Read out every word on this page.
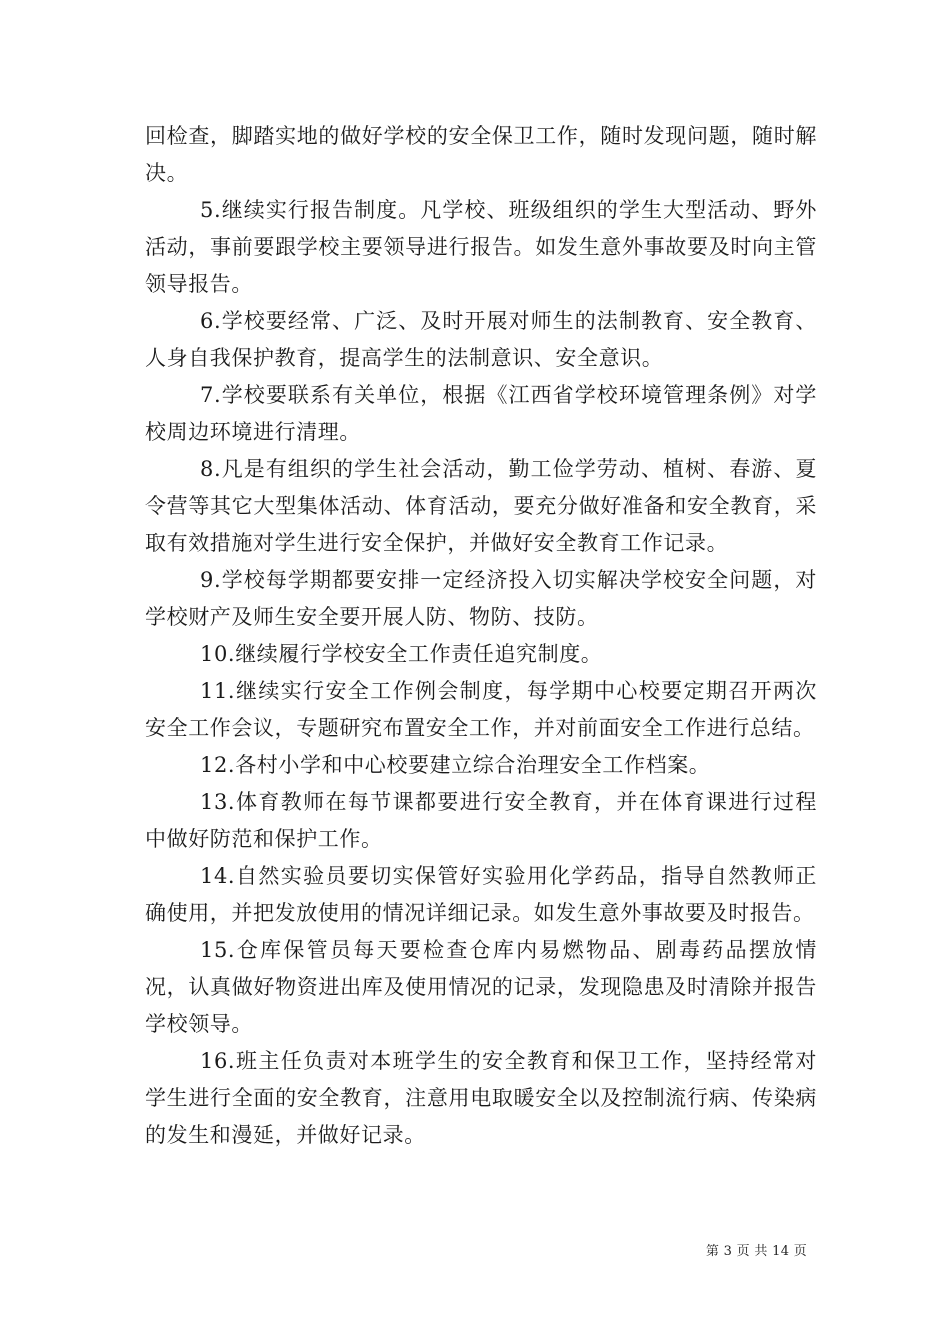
回检查，脚踏实地的做好学校的安全保卫工作，随时发现问题，随时解决。

5.继续实行报告制度。凡学校、班级组织的学生大型活动、野外活动，事前要跟学校主要领导进行报告。如发生意外事故要及时向主管领导报告。

6.学校要经常、广泛、及时开展对师生的法制教育、安全教育、人身自我保护教育，提高学生的法制意识、安全意识。

7.学校要联系有关单位，根据《江西省学校环境管理条例》对学校周边环境进行清理。

8.凡是有组织的学生社会活动，勤工俭学劳动、植树、春游、夏令营等其它大型集体活动、体育活动，要充分做好准备和安全教育，采取有效措施对学生进行安全保护，并做好安全教育工作记录。

9.学校每学期都要安排一定经济投入切实解决学校安全问题，对学校财产及师生安全要开展人防、物防、技防。

10.继续履行学校安全工作责任追究制度。

11.继续实行安全工作例会制度，每学期中心校要定期召开两次安全工作会议，专题研究布置安全工作，并对前面安全工作进行总结。

12.各村小学和中心校要建立综合治理安全工作档案。

13.体育教师在每节课都要进行安全教育，并在体育课进行过程中做好防范和保护工作。

14.自然实验员要切实保管好实验用化学药品，指导自然教师正确使用，并把发放使用的情况详细记录。如发生意外事故要及时报告。

15.仓库保管员每天要检查仓库内易燃物品、剧毒药品摆放情况，认真做好物资进出库及使用情况的记录，发现隐患及时清除并报告学校领导。

16.班主任负责对本班学生的安全教育和保卫工作，坚持经常对学生进行全面的安全教育，注意用电取暖安全以及控制流行病、传染病的发生和漫延，并做好记录。

第 3 页 共 14 页
